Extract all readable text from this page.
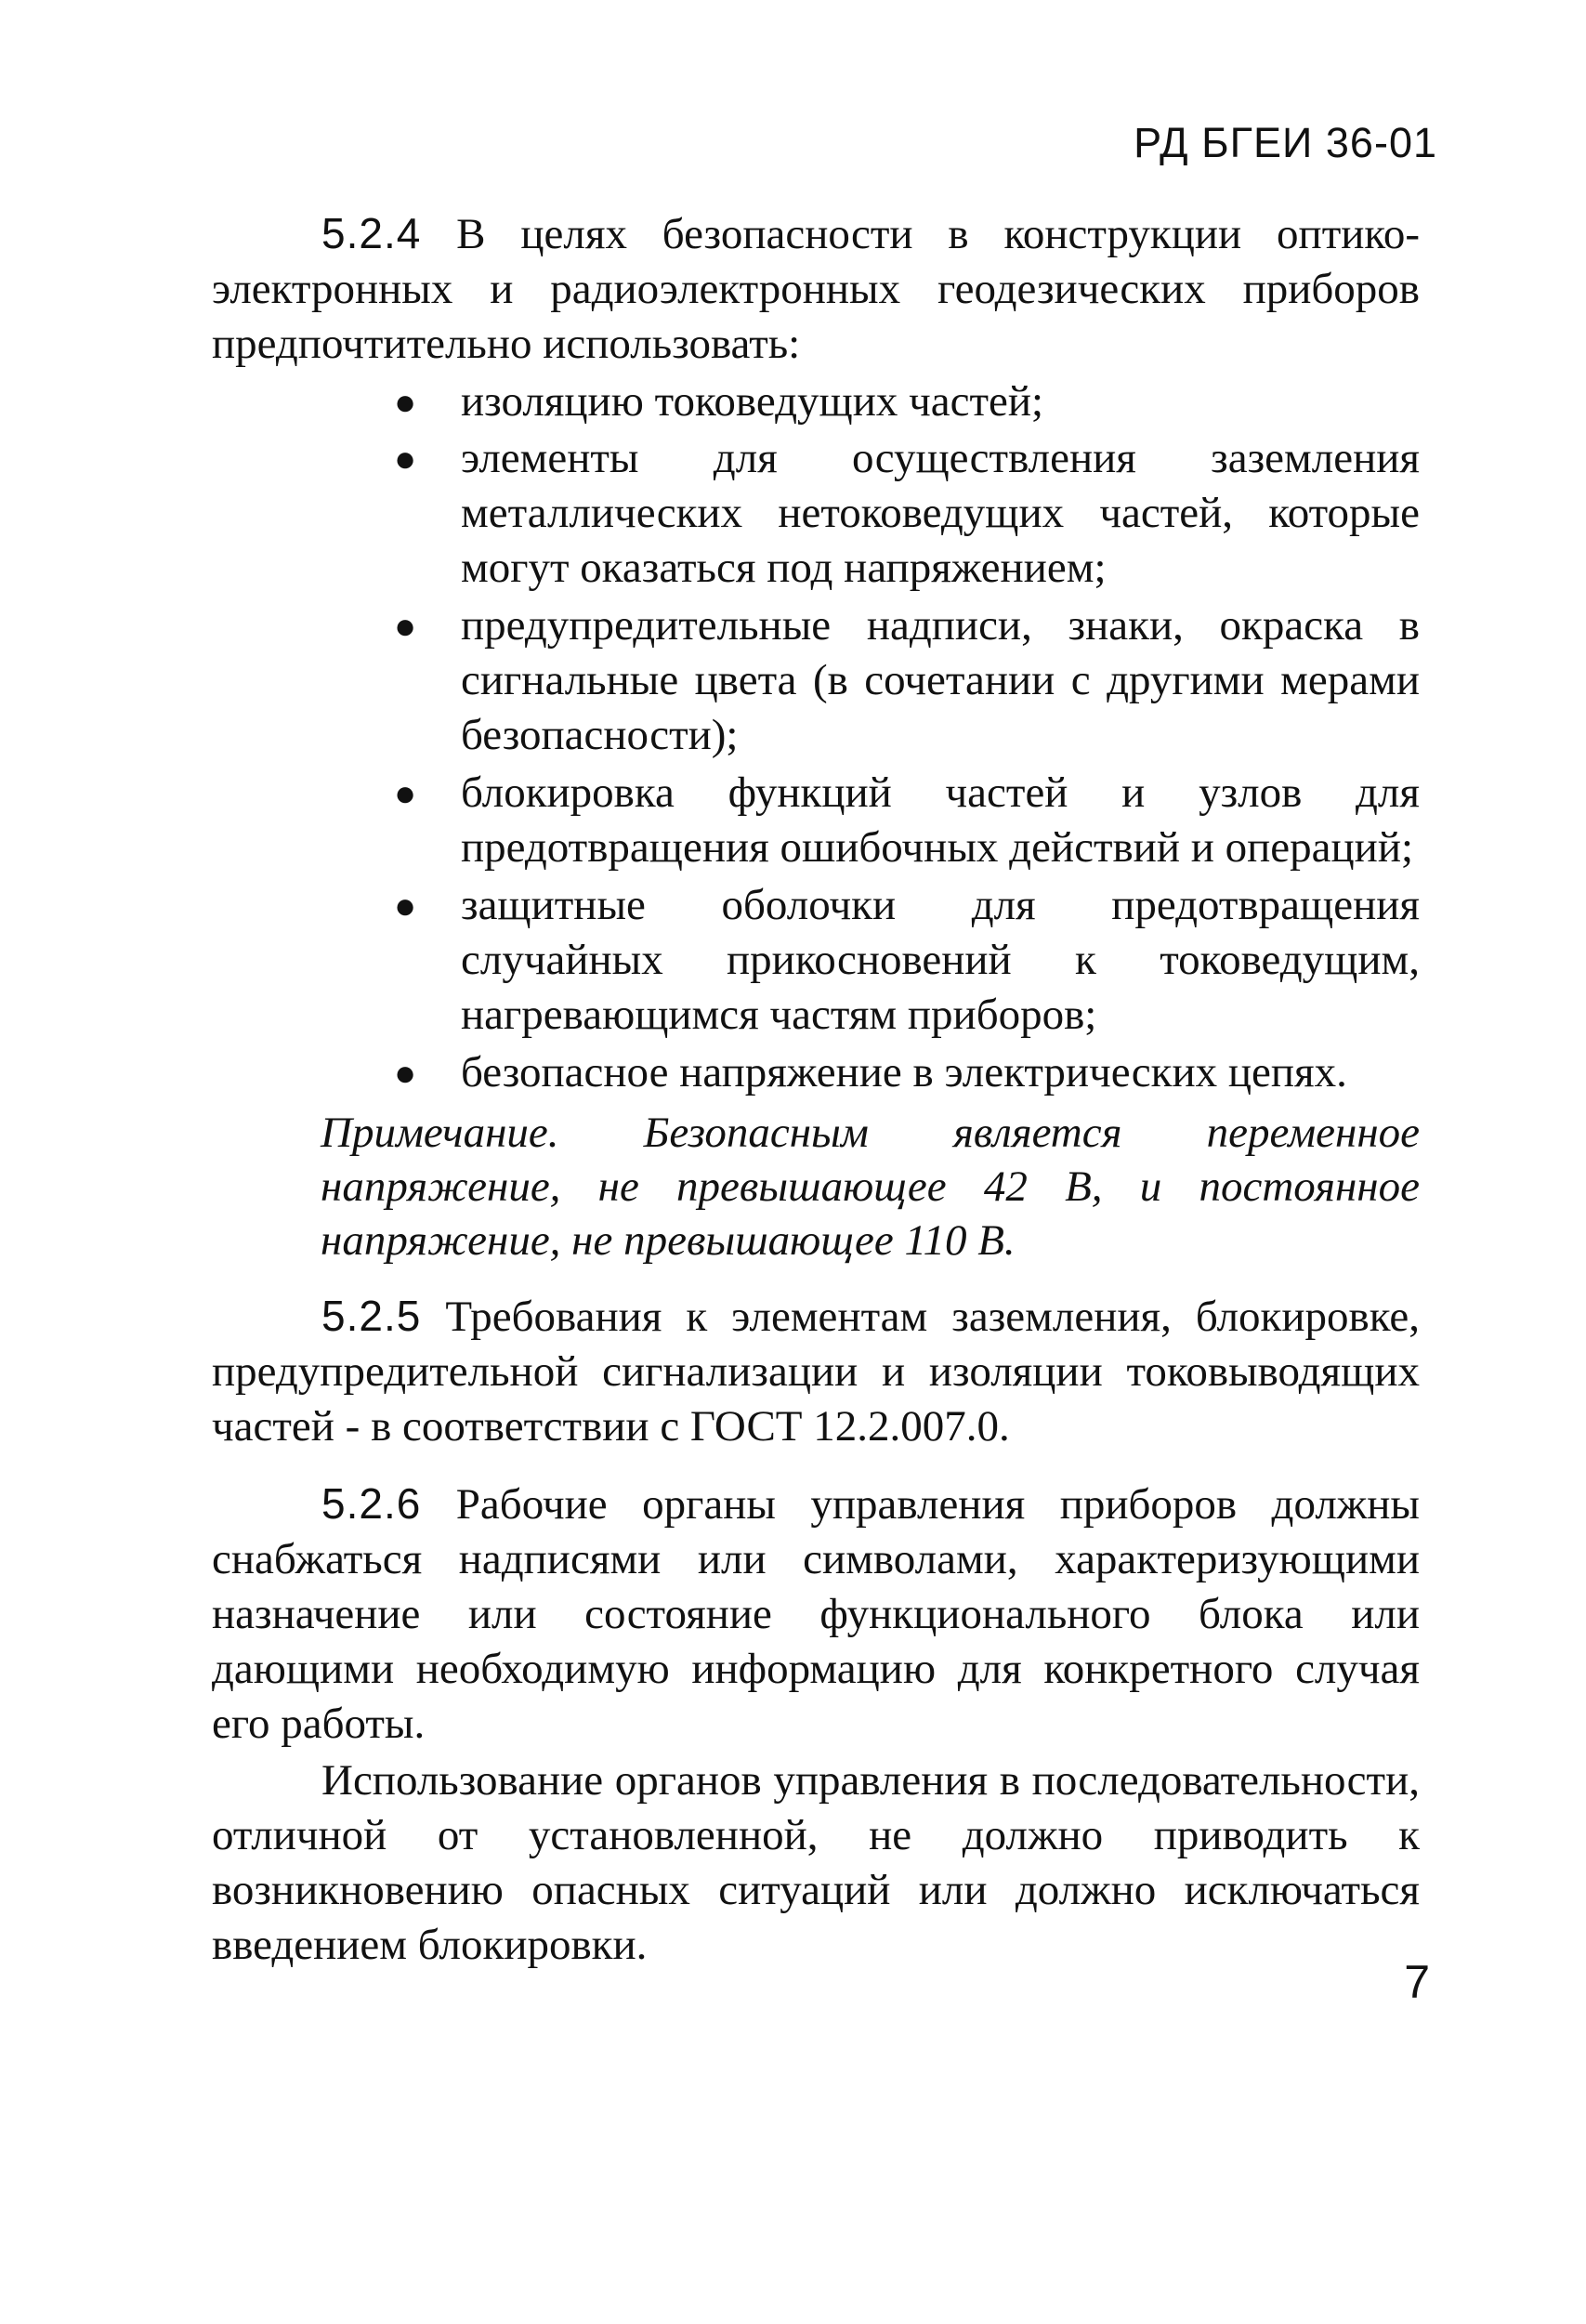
РД БГЕИ 36-01

5.2.4 В целях безопасности в конструкции оптико-электронных и радиоэлектронных геодезических приборов предпочтительно использовать:

● изоляцию токоведущих частей;
● элементы для осуществления заземления металлических нетоковедущих частей, которые могут оказаться под напряжением;
● предупредительные надписи, знаки, окраска в сигнальные цвета (в сочетании с другими мерами безопасности);
● блокировка функций частей и узлов для предотвращения ошибочных действий и операций;
● защитные оболочки для предотвращения случайных прикосновений к токоведущим, нагревающимся частям приборов;
● безопасное напряжение в электрических цепях.

Примечание. Безопасным является переменное напряжение, не превышающее 42 В, и постоянное напряжение, не превышающее 110 В.

5.2.5 Требования к элементам заземления, блокировке, предупредительной сигнализации и изоляции токовыводящих частей - в соответствии с ГОСТ 12.2.007.0.

5.2.6 Рабочие органы управления приборов должны снабжаться надписями или символами, характеризующими назначение или состояние функционального блока или дающими необходимую информацию для конкретного случая его работы.

Использование органов управления в последовательности, отличной от установленной, не должно приводить к возникновению опасных ситуаций или должно исключаться введением блокировки.

7
